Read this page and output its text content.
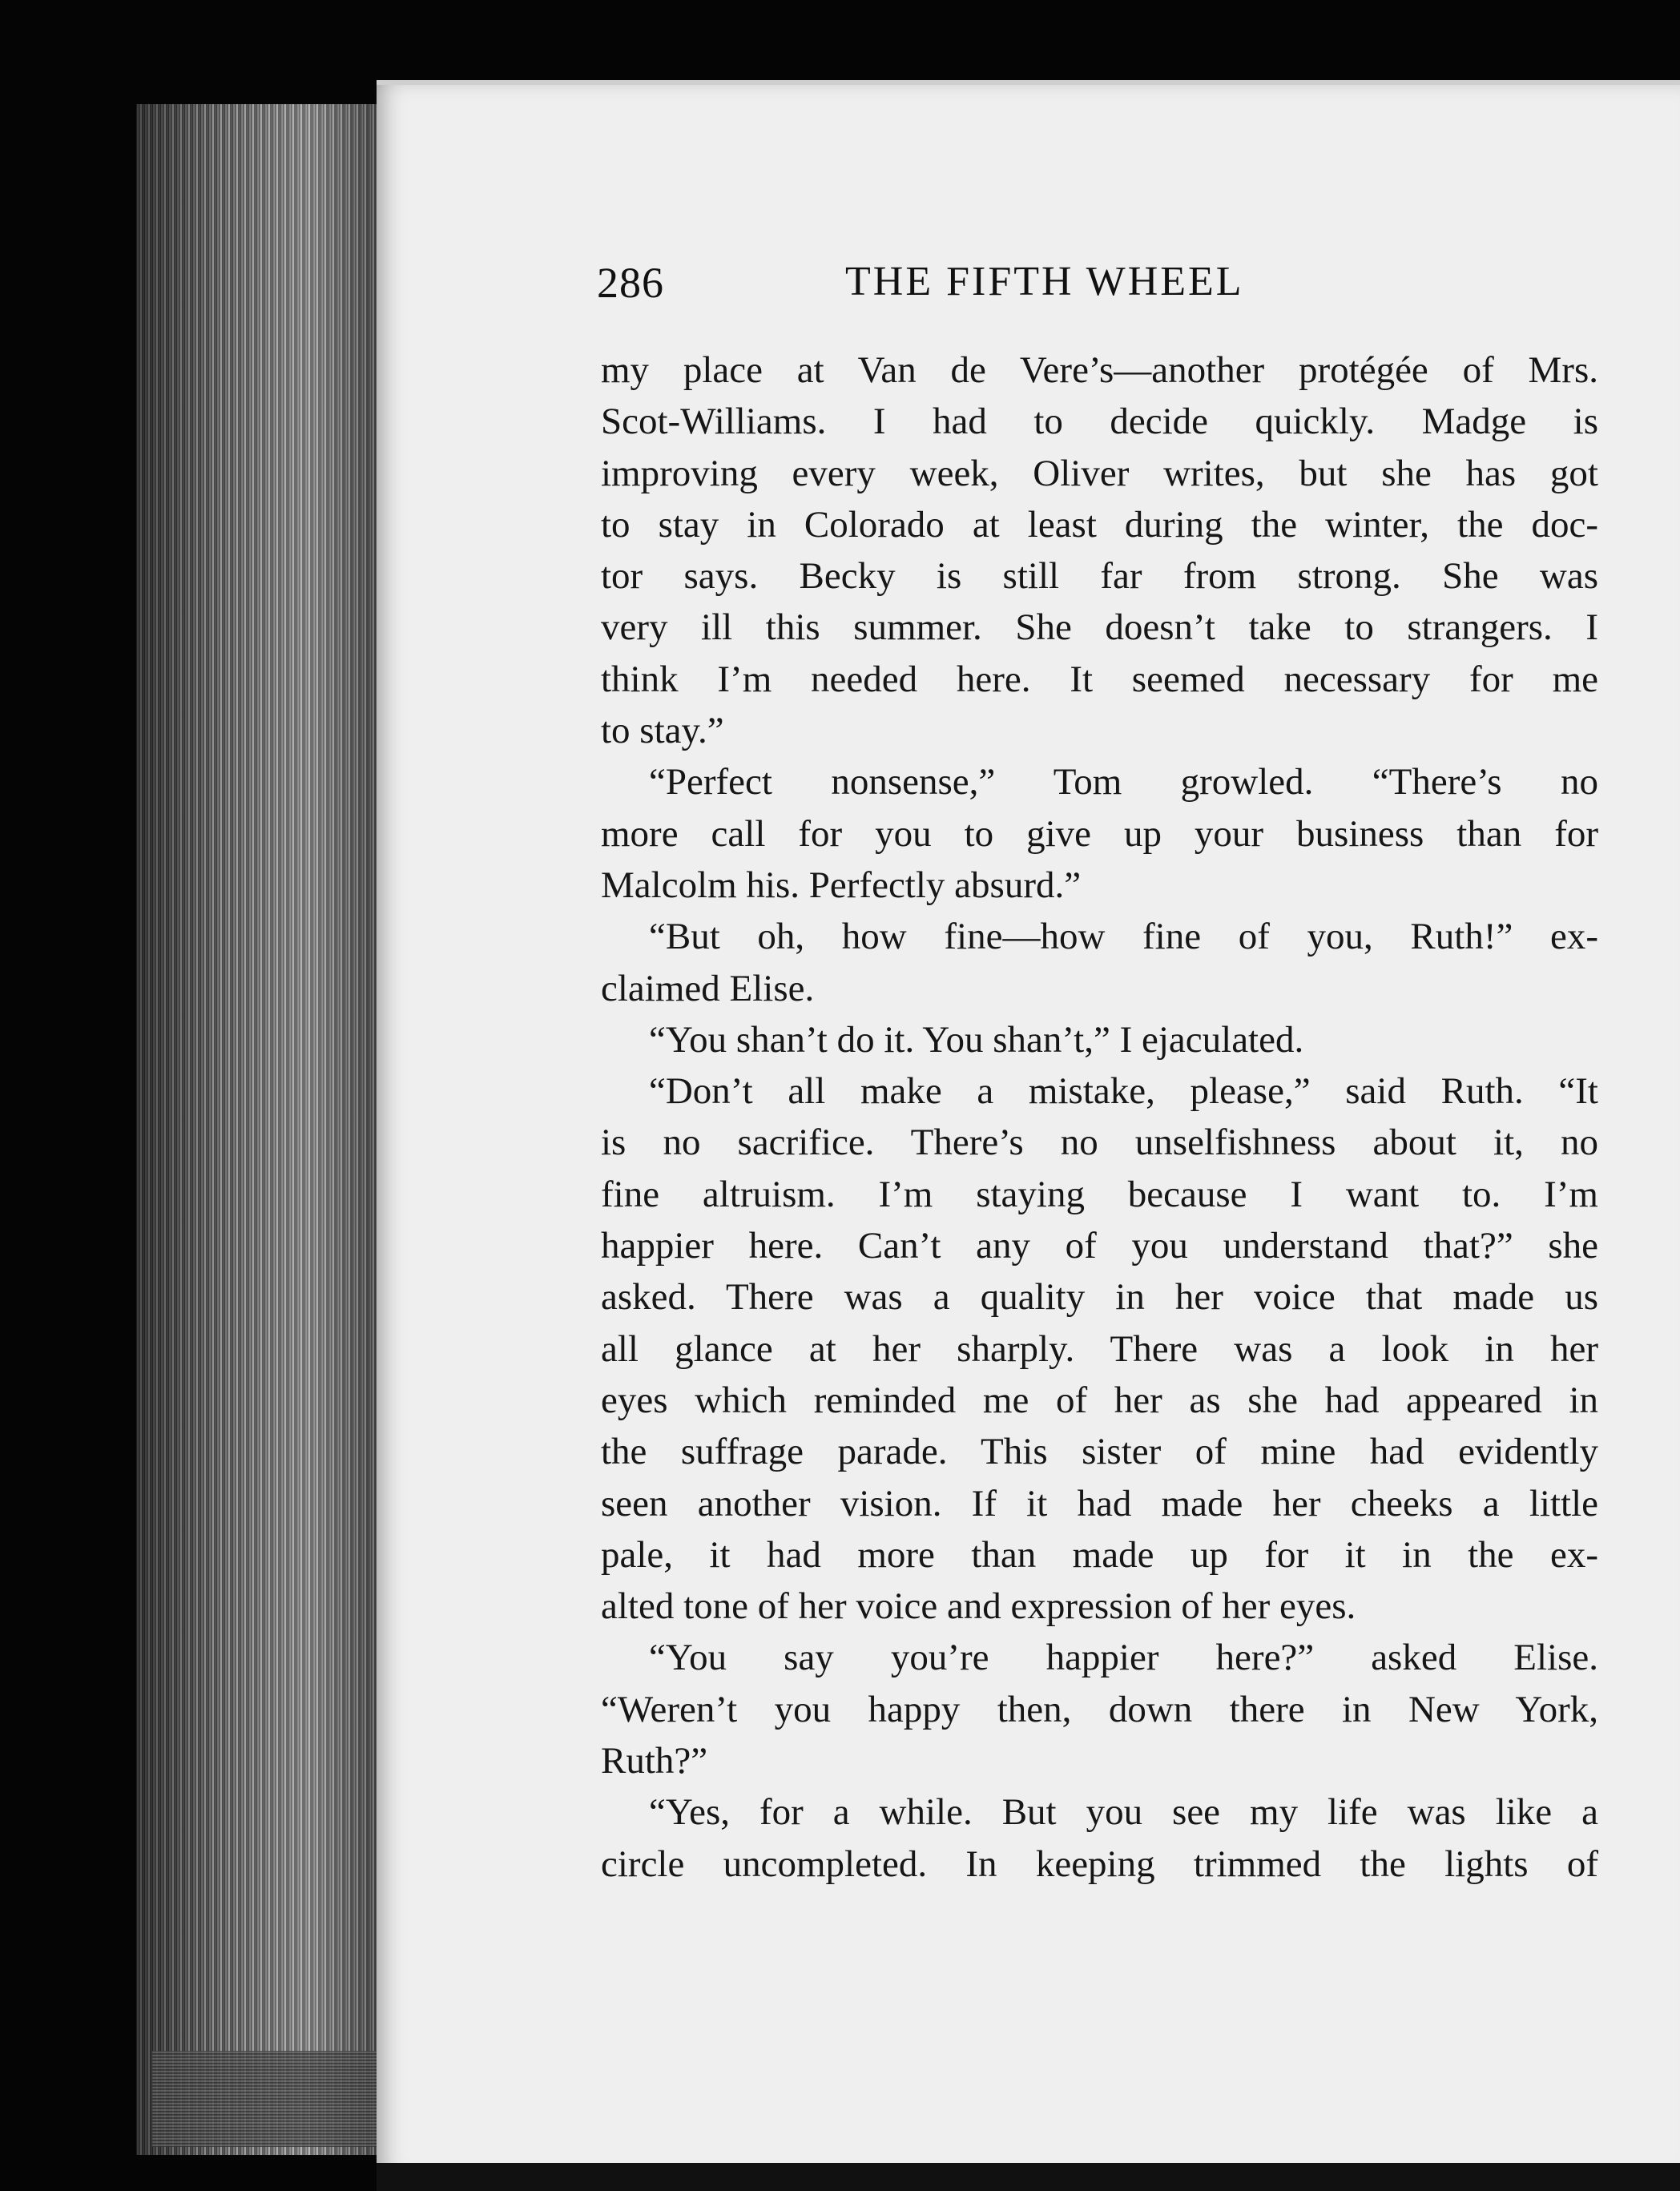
286	THE FIFTH WHEEL
my place at Van de Vere’s—another protégée of Mrs.
Scot-Williams. I had to decide quickly. Madge is
improving every week, Oliver writes, but she has got
to stay in Colorado at least during the winter, the doc-
tor says. Becky is still far from strong. She was
very ill this summer. She doesn’t take to strangers. I
think I’m needed here. It seemed necessary for me
to stay.”
“Perfect nonsense,” Tom growled. “There’s no
more call for you to give up your business than for
Malcolm his. Perfectly absurd.”
“But oh, how fine—how fine of you, Ruth!” ex-
claimed Elise.
“You shan’t do it. You shan’t,” I ejaculated.
“Don’t all make a mistake, please,” said Ruth. “It
is no sacrifice. There’s no unselfishness about it, no
fine altruism. I’m staying because I want to. I’m
happier here. Can’t any of you understand that?” she
asked. There was a quality in her voice that made us
all glance at her sharply. There was a look in her
eyes which reminded me of her as she had appeared in
the suffrage parade. This sister of mine had evidently
seen another vision. If it had made her cheeks a little
pale, it had more than made up for it in the ex-
alted tone of her voice and expression of her eyes.
“You say you’re happier here?” asked Elise.
“Weren’t you happy then, down there in New York,
Ruth?”
“Yes, for a while. But you see my life was like a
circle uncompleted. In keeping trimmed the lights of
